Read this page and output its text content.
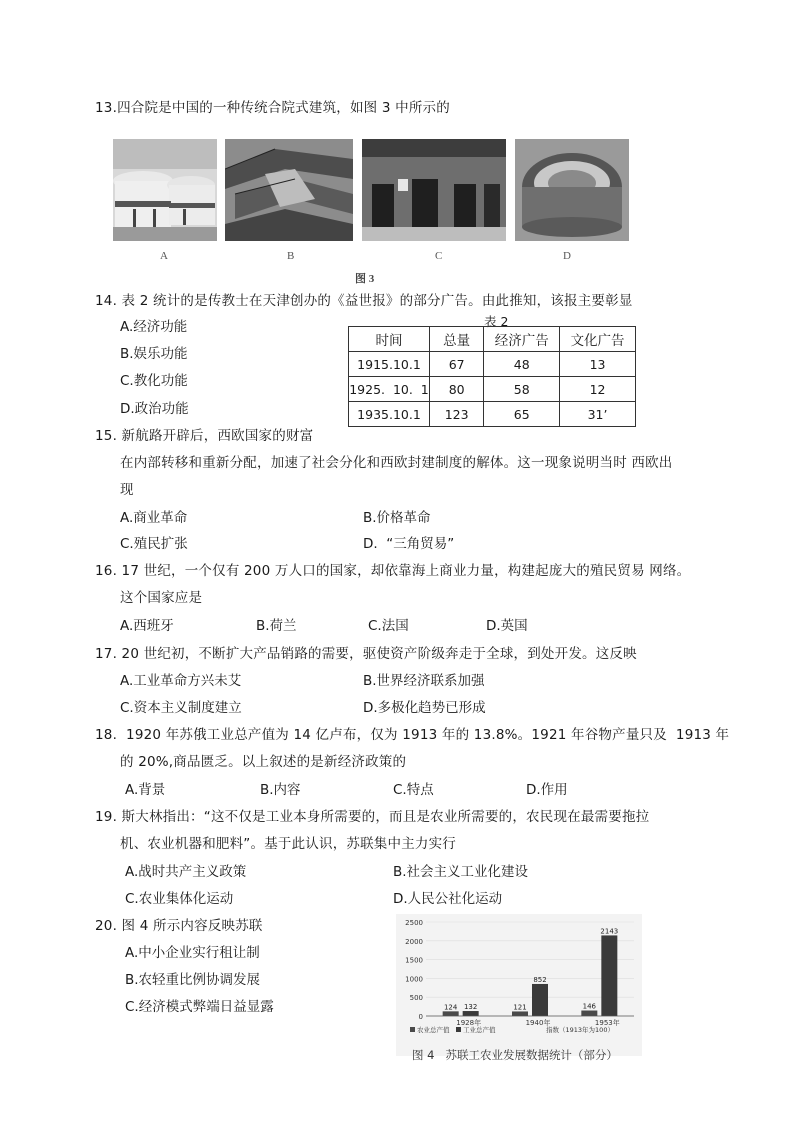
13.四合院是中国的一种传统合院式建筑，如图 3 中所示的
A	B	C	D
图 3
14. 表 2 统计的是传教士在天津创办的《益世报》的部分广告。由此推知，该报主要彰显
A.经济功能
B.娱乐功能
C.教化功能
D.政治功能
表 2
时间	总量	经济广告	文化广告
1915.10.1	67	48	13
1925.  10.  1	80	58	12
1935.10.1	123	65	31’
15. 新航路开辟后，西欧国家的财富
在内部转移和重新分配，加速了社会分化和西欧封建制度的解体。这一现象说明当时 西欧出
现
A.商业革命	B.价格革命
C.殖民扩张	D.  “三角贸易”
16. 17 世纪，一个仅有 200 万人口的国家，却依靠海上商业力量，构建起庞大的殖民贸易 网络。
这个国家应是
A.西班牙	B.荷兰	C.法国	D.英国
17. 20 世纪初，不断扩大产品销路的需要，驱使资产阶级奔走于全球，到处开发。这反映
A.工业革命方兴未艾	B.世界经济联系加强
C.资本主义制度建立	D.多极化趋势已形成
18.  1920 年苏俄工业总产值为 14 亿卢布，仅为 1913 年的 13.8%。1921 年谷物产量只及  1913 年
的 20%,商品匮乏。以上叙述的是新经济政策的
A.背景	B.内容	C.特点	D.作用
19. 斯大林指出：“这不仅是工业本身所需要的，而且是农业所需要的，农民现在最需要拖拉
机、农业机器和肥料”。基于此认识，苏联集中主力实行
A.战时共产主义政策	B.社会主义工业化建设
C.农业集体化运动	D.人民公社化运动
20. 图 4 所示内容反映苏联
A.中小企业实行租让制
B.农轻重比例协调发展
C.经济模式弊端日益显露
2500
2000
1500
1000
500
0
124 132
1928年
121
852
1940年
146
2143
1953年
农业总产值 工业总产值	指数（1913年为100）
图 4   苏联工农业发展数据统计（部分）
